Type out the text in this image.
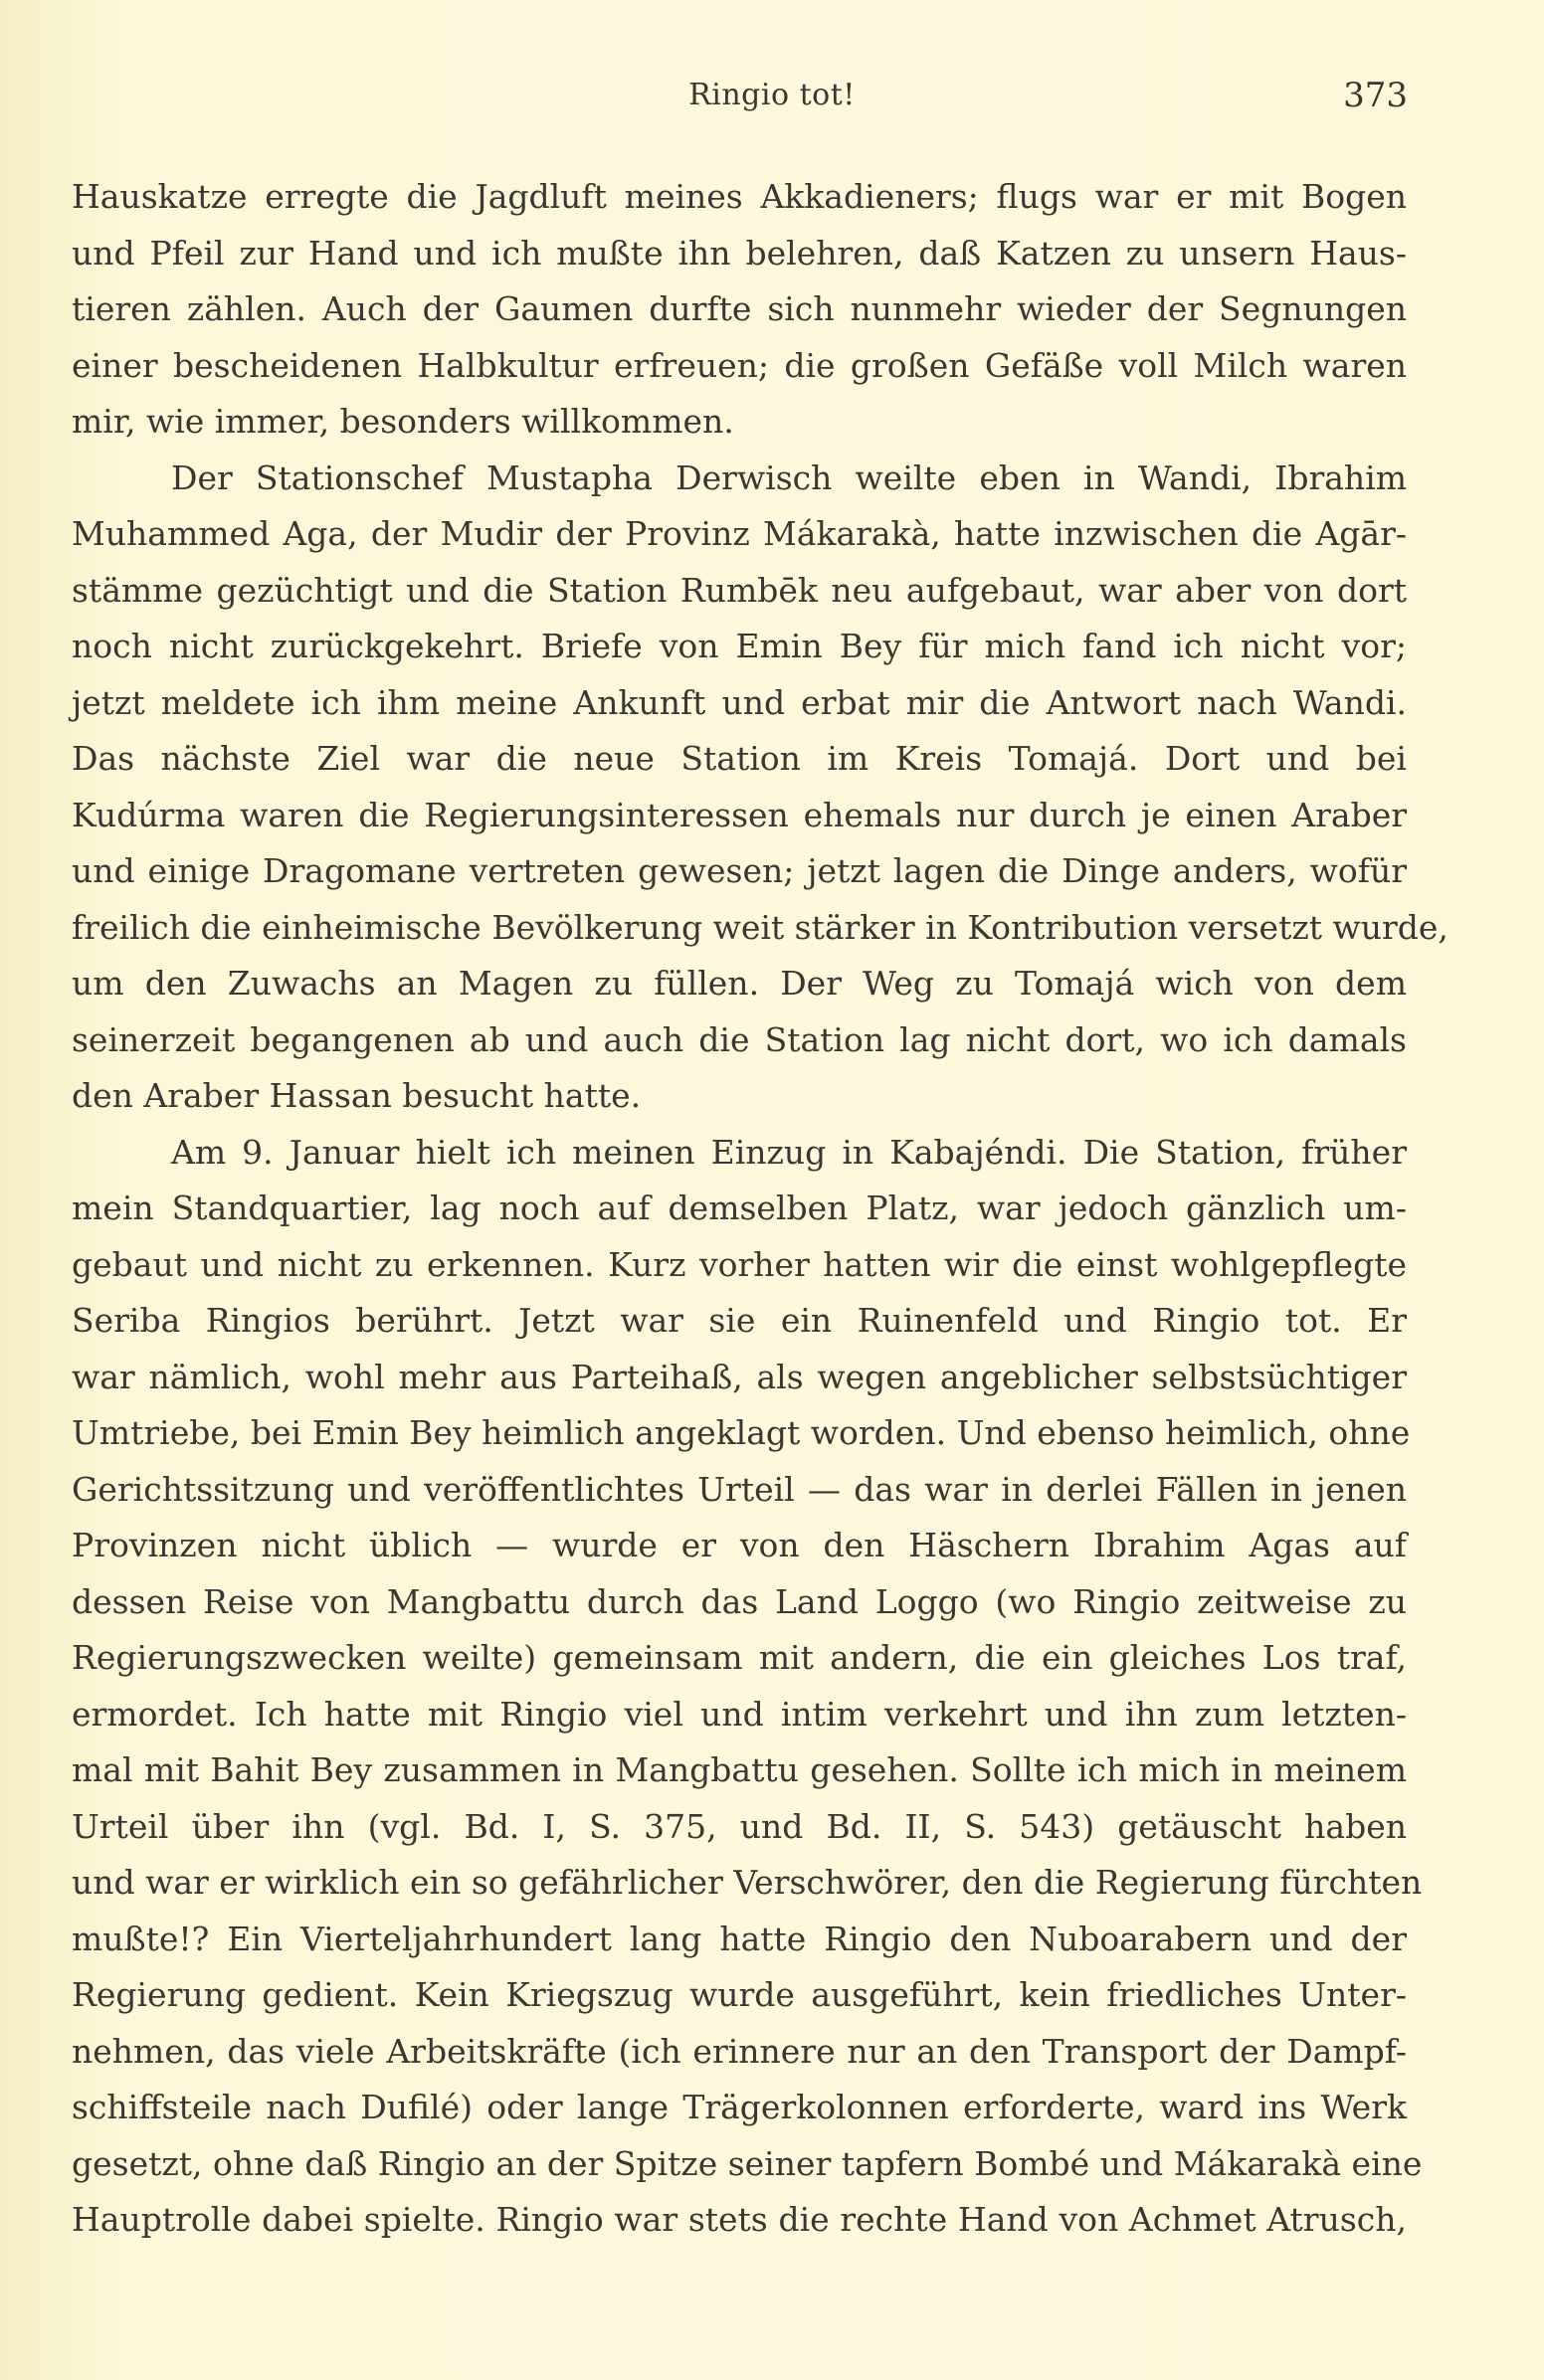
Ringio tot!	373
Hauskatze erregte die Jagdluft meines Akkadieners; flugs war er mit Bogen
und Pfeil zur Hand und ich mußte ihn belehren, daß Katzen zu unsern Haus-
tieren zählen. Auch der Gaumen durfte sich nunmehr wieder der Segnungen
einer bescheidenen Halbkultur erfreuen; die großen Gefäße voll Milch waren
mir, wie immer, besonders willkommen.
Der Stationschef Mustapha Derwisch weilte eben in Wandi, Ibrahim
Muhammed Aga, der Mudir der Provinz Mákarakà, hatte inzwischen die Agār-
stämme gezüchtigt und die Station Rumbēk neu aufgebaut, war aber von dort
noch nicht zurückgekehrt. Briefe von Emin Bey für mich fand ich nicht vor;
jetzt meldete ich ihm meine Ankunft und erbat mir die Antwort nach Wandi.
Das nächste Ziel war die neue Station im Kreis Tomajá. Dort und bei
Kudúrma waren die Regierungsinteressen ehemals nur durch je einen Araber
und einige Dragomane vertreten gewesen; jetzt lagen die Dinge anders, wofür
freilich die einheimische Bevölkerung weit stärker in Kontribution versetzt wurde,
um den Zuwachs an Magen zu füllen. Der Weg zu Tomajá wich von dem
seinerzeit begangenen ab und auch die Station lag nicht dort, wo ich damals
den Araber Hassan besucht hatte.
Am 9. Januar hielt ich meinen Einzug in Kabajéndi. Die Station, früher
mein Standquartier, lag noch auf demselben Platz, war jedoch gänzlich um-
gebaut und nicht zu erkennen. Kurz vorher hatten wir die einst wohlgepflegte
Seriba Ringios berührt. Jetzt war sie ein Ruinenfeld und Ringio tot. Er
war nämlich, wohl mehr aus Parteihaß, als wegen angeblicher selbstsüchtiger
Umtriebe, bei Emin Bey heimlich angeklagt worden. Und ebenso heimlich, ohne
Gerichtssitzung und veröffentlichtes Urteil — das war in derlei Fällen in jenen
Provinzen nicht üblich — wurde er von den Häschern Ibrahim Agas auf
dessen Reise von Mangbattu durch das Land Loggo (wo Ringio zeitweise zu
Regierungszwecken weilte) gemeinsam mit andern, die ein gleiches Los traf,
ermordet. Ich hatte mit Ringio viel und intim verkehrt und ihn zum letzten-
mal mit Bahit Bey zusammen in Mangbattu gesehen. Sollte ich mich in meinem
Urteil über ihn (vgl. Bd. I, S. 375, und Bd. II, S. 543) getäuscht haben
und war er wirklich ein so gefährlicher Verschwörer, den die Regierung fürchten
mußte!? Ein Vierteljahrhundert lang hatte Ringio den Nuboarabern und der
Regierung gedient. Kein Kriegszug wurde ausgeführt, kein friedliches Unter-
nehmen, das viele Arbeitskräfte (ich erinnere nur an den Transport der Dampf-
schiffsteile nach Dufilé) oder lange Trägerkolonnen erforderte, ward ins Werk
gesetzt, ohne daß Ringio an der Spitze seiner tapfern Bombé und Mákarakà eine
Hauptrolle dabei spielte. Ringio war stets die rechte Hand von Achmet Atrusch,
